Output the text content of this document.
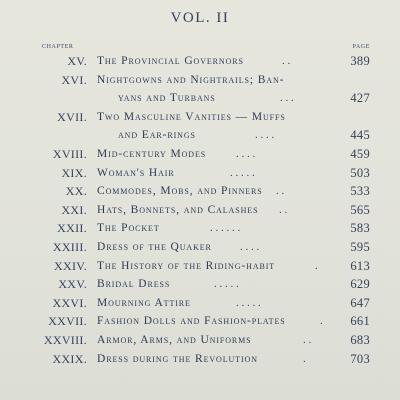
VOL. II
CHAPTER	PAGE
XV. The Provincial Governors	. .	389
XVI. Nightgowns and Nightrails; Ban-
yans and Turbans	. . .	427
XVII. Two Masculine Vanities — Muffs
and Ear-rings	. . . .	445
XVIII. Mid-century Modes	. . . .	459
XIX. Woman's Hair	. . . . .	503
XX. Commodes, Mobs, and Pinners . .	533
XXI. Hats, Bonnets, and Calashes . .	565
XXII. The Pocket	. . . . . .	583
XXIII. Dress of the Quaker	. . . .	595
XXIV. The History of the Riding-habit	.	613
XXV. Bridal Dress	. . . . .	629
XXVI. Mourning Attire	. . . . .	647
XXVII. Fashion Dolls and Fashion-plates	. 661
XXVIII. Armor, Arms, and Uniforms	. .	683
XXIX. Dress during the Revolution	.	703
